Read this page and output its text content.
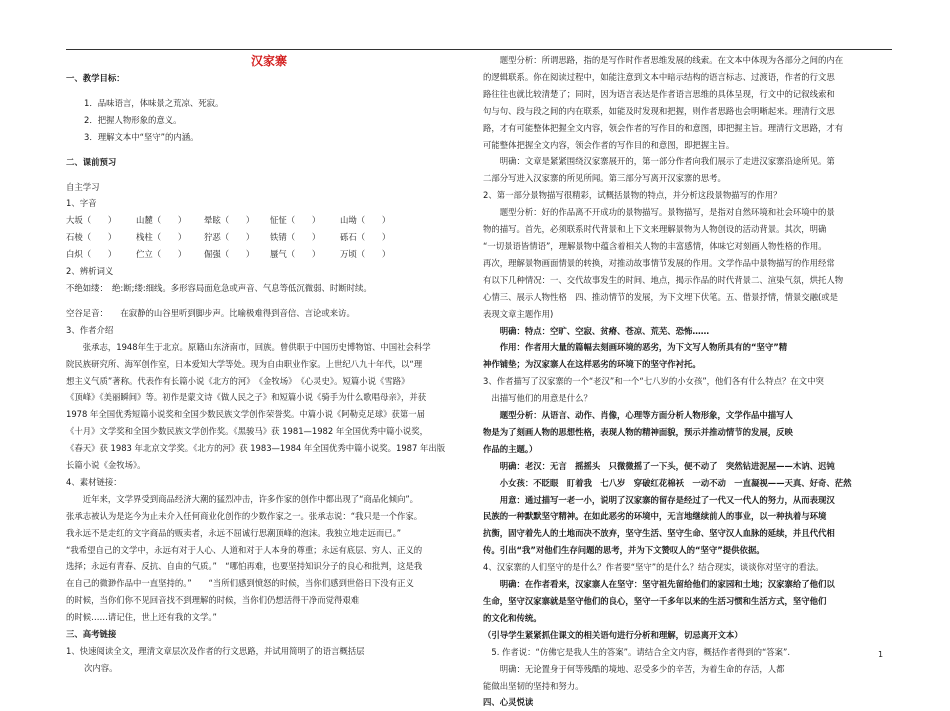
汉家寨

一、教学目标：

1．品味语言，体味景之荒凉、死寂。

2．把握人物形象的意义。

3．理解文本中“坚守”的内涵。

二、课前预习

自主学习

1、字音

大坂（　　）	山麓（　　）	晕眩（　　）	怔怔（　　）	山坳（　　）
石棱（　　）	栈柱（　　）	狞恶（　　）	铁锖（　　）	砾石（　　）
白炽（　　）	伫立（　　）	倔强（　　）	蜃气（　　）	万顷（　　）

2、辨析词义

不绝如缕：　绝:断;缕:细线。多形容局面危急或声音、气息等低沉微弱、时断时续。

空谷足音：　　在寂静的山谷里听到脚步声。比喻极难得到音信、言论或来访。

3、作者介绍

　　张承志，1948年生于北京。原籍山东济南市，回族。曾供职于中国历史博物馆、中国社会科学

院民族研究所、海军创作室，日本爱知大学等处。现为自由职业作家。上世纪八九十年代，以“理

想主义气质”著称。代表作有长篇小说《北方的河》　《金牧场》　《心灵史》。短篇小说《雪路》

《顶峰》《美丽瞬间》等。初作是蒙文诗《做人民之子》和短篇小说《骑手为什么歌唱母亲》，并获

1978 年全国优秀短篇小说奖和全国少数民族文学创作荣誉奖。中篇小说《阿勒克足球》获第一届

《十月》文学奖和全国少数民族文学创作奖。《黑骏马》获 1981—1982 年全国优秀中篇小说奖，

《春天》获 1983 年北京文学奖。《北方的河》获 1983—1984 年全国优秀中篇小说奖。1987 年出版

长篇小说《金牧场》。

4、素材链接：

　　近年来，文学界受到商品经济大潮的猛烈冲击，许多作家的创作中都出现了“商品化倾向”。

张承志被认为是迄今为止未介入任何商业化创作的少数作家之一。张承志说：“我只是一个作家。

我永远不是走红的文字商品的贩卖者，永远不屈诚行思潮顶峰的泡沫。我独立地走远而已。”

“我希望自己的文学中，永远有对于人心、人道和对于人本身的尊重；永远有底层、穷人、正义的

选择；永远有青春、反抗、自由的气质。”　“哪怕再难，也要坚持知识分子的良心和批判，这是我

在自己的微渺作品中一直坚持的。”　　“当所们感到愤怒的时候，当你们感到世俗日下没有正义

的时候，当你们你不见回音找不到理解的时候，当你们仍想活得干净而觉得艰难

的时候……请记住，世上还有我的文学。”

三、高考链接

1、快速阅读全文，理清文章层次及作者的行文思路，并试用简明了的语言概括层

次内容。

　　题型分析：所谓思路，指的是写作时作者思维发展的线索。在文本中体现为各部分之间的内在

的逻辑联系。你在阅读过程中，如能注意到文本中暗示结构的语言标志、过渡语，作者的行文思

路往往也就比较清楚了；同时，因为语言表达是作者语言思维的具体呈现，行文中的记叙线索和

句与句、段与段之间的内在联系，如能及时发现和把握，则作者思路也会明晰起来。理清行文思

路，才有可能整体把握全文内容，领会作者的写作目的和意图，即把握主旨。理清行文思路，才有

可能整体把握全文内容，领会作者的写作目的和意图，即把握主旨。

　　明确：文章是紧紧围绕汉家寨展开的，第一部分作者向我们展示了走进汉家寨沿途所见。第

二部分写进入汉家寨的所见所闻。第三部分写离开汉家寨的思考。

2、第一部分景物描写很精彩，试概括景物的特点，并分析这段景物描写的作用？

　　题型分析：好的作品离不开成功的景物描写。景物描写，是指对自然环境和社会环境中的景

物的描写。首先，必须联系时代背景和上下文来理解景物为人物创设的活动背景。其次，明确

“一切景语皆情语”，理解景物中蕴含着相关人物的丰富感情，体味它对刻画人物性格的作用。

再次，理解景物画面情景的转换，对推动故事情节发展的作用。文学作品中景物描写的作用经常

有以下几种情况：一、交代故事发生的时间、地点，揭示作品的时代背景二、渲染气氛，烘托人物

心情三、展示人物性格　四、推动情节的发展，为下文埋下伏笔。五、借景抒情，情景交融(或是

表现文章主题作用)

　　明确：特点：空旷、空寂、贫瘠、苍凉、荒芜、恐怖……

　　作用：作者用大量的篇幅去刻画环境的恶劣，为下文写人物所具有的“坚守”精

神作铺垫；为汉家寨人在这样恶劣的环境下的坚守作衬托。

3、作者描写了汉家寨的一个“老汉”和一个“七八岁的小女孩”，他们各有什么特点？在文中突

　出描写他们的用意是什么？

　　题型分析：从语言、动作、肖像，心理等方面分析人物形象，文学作品中描写人

物是为了刻画人物的思想性格，表现人物的精神面貌，预示并推动情节的发展，反映

作品的主题。）

　　明确：老汉：无言　摇摇头　只微微摇了一下头，便不动了　突然钻进泥屋——木讷、迟钝

　　小女孩：不眨眼　盯着我　七八岁　穿破红花棉袄　一动不动　一直凝视——天真、好奇、茫然

　　用意：通过描写一老一小，说明了汉家寨的留存是经过了一代又一代人的努力，从而表现汉

民族的一种默默坚守精神。在如此恶劣的环境中，无言地继续前人的事业，以一种执着与环境

抗衡，固守着先人的土地而决不放弃，坚守生活、坚守生命、坚守汉人血脉的延续，并且代代相

传。引出“我”对他们生存问题的思考，并为下文赞叹人的“坚守”提供依据。

4、汉家寨的人们坚守的是什么？作者要“坚守”的是什么？结合现实，谈谈你对坚守的看法。

　　明确：在作者看来，汉家寨人在坚守：坚守祖先留给他们的家园和土地；汉家寨给了他们以

生命，坚守汉家寨就是坚守他们的良心，坚守一千多年以来的生活习惯和生活方式，坚守他们

的文化和传统。

（引导学生紧紧抓住课文的相关语句进行分析和理解，切忌离开文本）

　5. 作者说：“仿佛它是我人生的答案”。请结合全文内容，概括作者得到的“答案”.

　　明确：无论置身于何等残酷的境地、忍受多少的辛苦，为着生命的存活，人都

能做出坚韧的坚持和努力。

四、心灵悦读

1
